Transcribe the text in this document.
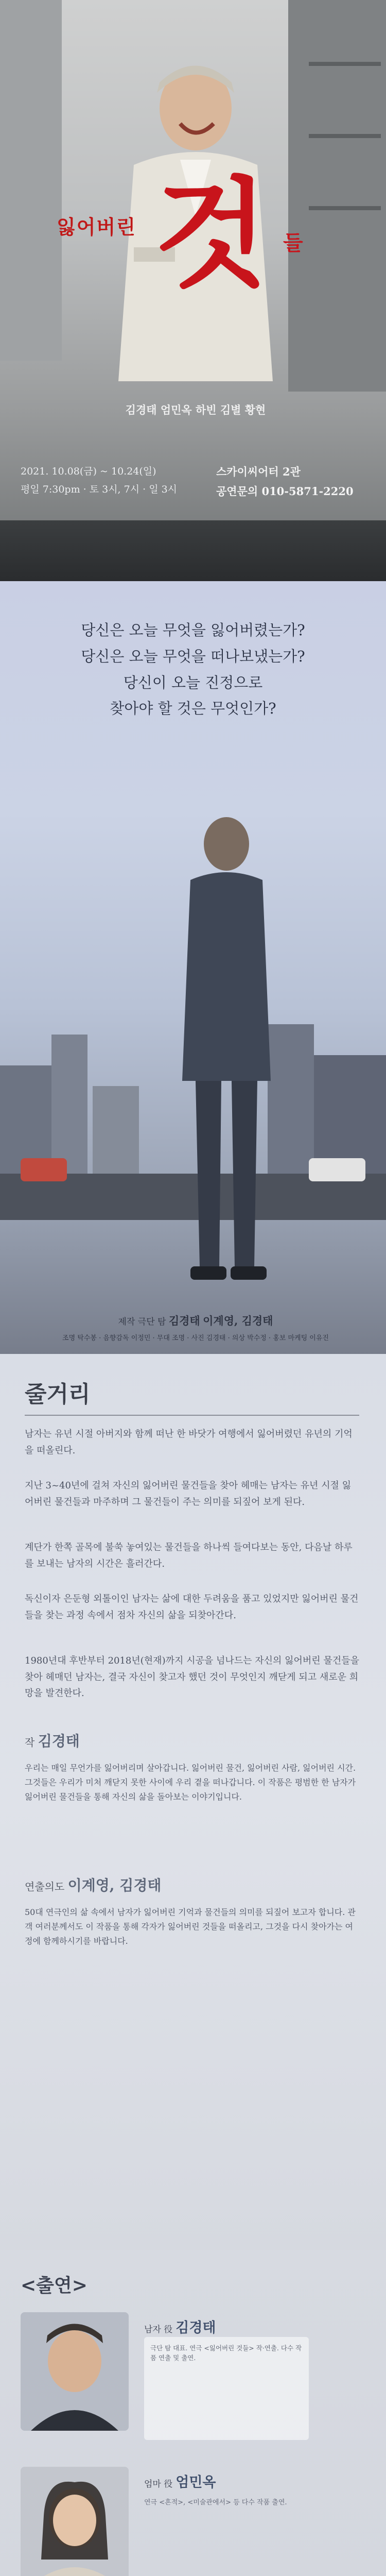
잃어버린 것 들
김경태 엄민옥 하빈 김별 황현
2021. 10.08(금) ~ 10.24(일)
평일 7:30pm · 토 3시, 7시 · 일 3시
스카이씨어터 2관
공연문의 010-5871-2220
당신은 오늘 무엇을 잃어버렸는가?
당신은 오늘 무엇을 떠나보냈는가?
당신이 오늘 진정으로
찾아야 할 것은 무엇인가?
제작 극단 탐 김경태 이계영, 김경태
조명 탁수봉 · 음향감독 이정민 · 무대 조명 · 사진 김경태 · 의상 박수정 · 홍보 마케팅 이유진
줄거리

남자는 유년 시절 아버지와 함께 떠난 한 바닷가 여행에서 잃어버렸던 유년의 기억을 떠올린다.

지난 3~40년에 걸쳐 자신의 잃어버린 물건들을 찾아 헤매는 남자는 유년 시절 잃어버린 물건들과 마주하며 그 물건들이 주는 의미를 되짚어 보게 된다.

계단가 한쪽 골목에 불쑥 놓여있는 물건들을 하나씩 들여다보는 동안, 다음날 하루를 보내는 남자의 시간은 흘러간다.

독신이자 은둔형 외톨이인 남자는 삶에 대한 두려움을 품고 있었지만 잃어버린 물건들을 찾는 과정 속에서 점차 자신의 삶을 되찾아간다.

1980년대 후반부터 2018년(현재)까지 시공을 넘나드는 자신의 잃어버린 물건들을 찾아 헤매던 남자는, 결국 자신이 찾고자 했던 것이 무엇인지 깨닫게 되고 새로운 희망을 발견한다.

작 김경태

우리는 매일 무언가를 잃어버리며 살아갑니다. 잃어버린 물건, 잃어버린 사람, 잃어버린 시간. 그것들은 우리가 미처 깨닫지 못한 사이에 우리 곁을 떠나갑니다. 이 작품은 평범한 한 남자가 잃어버린 물건들을 통해 자신의 삶을 돌아보는 이야기입니다.

연출의도 이계영, 김경태

50대 연극인의 삶 속에서 남자가 잃어버린 기억과 물건들의 의미를 되짚어 보고자 합니다. 관객 여러분께서도 이 작품을 통해 각자가 잃어버린 것들을 떠올리고, 그것을 다시 찾아가는 여정에 함께하시기를 바랍니다.

<출연>
남자 役 김경태
극단 탐 대표. 연극 <잃어버린 것들> 작·연출. 다수 작품 연출 및 출연.
엄마 役 엄민옥
연극 <흔적>, <미술관에서> 등 다수 작품 출연.
